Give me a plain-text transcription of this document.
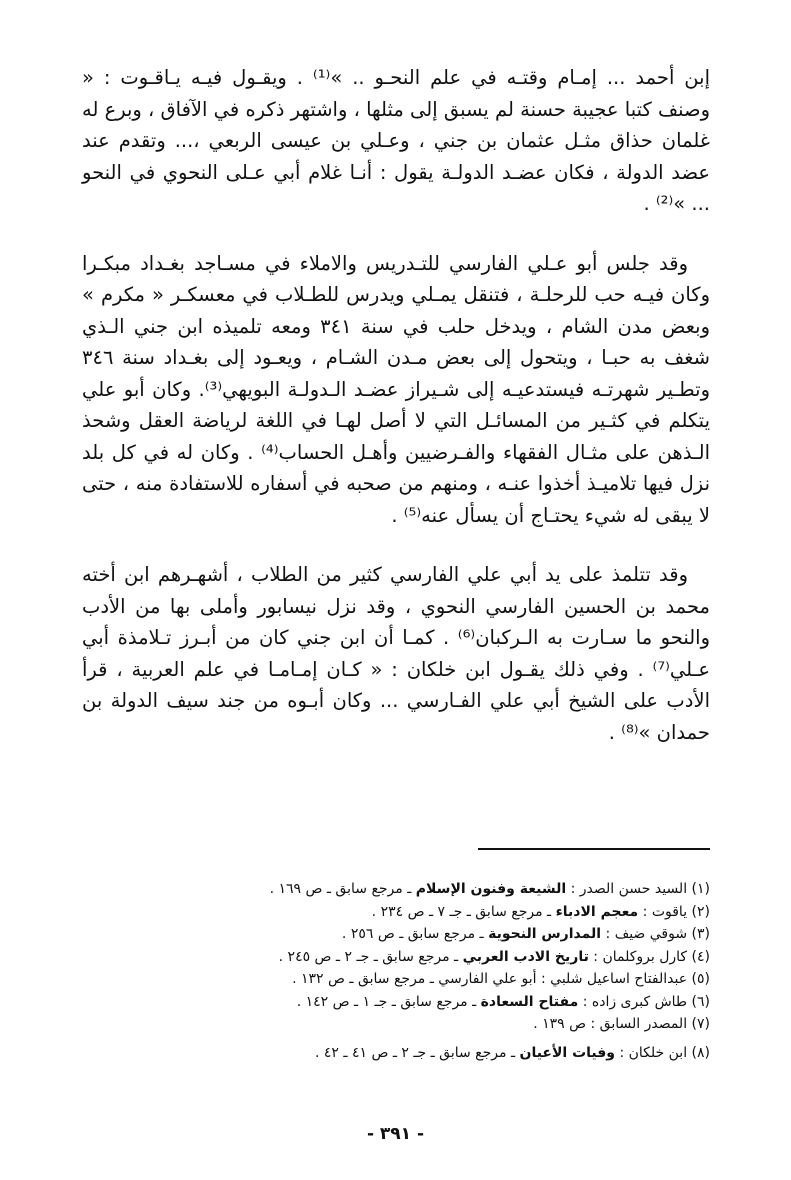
إبن أحمد ... إمـام وقتـه في علم النحـو .. »⁽¹⁾ . ويقـول فيـه يـاقـوت : « وصنف كتبا عجيبة حسنة لم يسبق إلى مثلها ، واشتهر ذكره في الآفاق ، وبرع له غلمان حذاق مثـل عثمان بن جني ، وعـلي بن عيسى الربعي ،... وتقدم عند عضد الدولة ، فكان عضـد الدولـة يقول : أنـا غلام أبي عـلى النحوي في النحو ... »⁽²⁾ .

وقد جلس أبو عـلي الفارسي للتـدريس والاملاء في مسـاجد بغـداد مبكـرا وكان فيـه حب للرحلـة ، فتنقل يمـلي ويدرس للطـلاب في معسكـر « مكرم » وبعض مدن الشام ، ويدخل حلب في سنة ٣٤١ ومعه تلميذه ابن جني الـذي شغف به حبـا ، ويتحول إلى بعض مـدن الشـام ، ويعـود إلى بغـداد سنة ٣٤٦ وتطـير شهرتـه فيستدعيـه إلى شـيراز عضـد الـدولـة البويهي⁽³⁾. وكان أبو علي يتكلم في كثـير من المسائـل التي لا أصل لهـا في اللغة لرياضة العقل وشحذ الـذهن على مثـال الفقهاء والفـرضيين وأهـل الحساب⁽⁴⁾ . وكان له في كل بلد نزل فيها تلاميـذ أخذوا عنـه ، ومنهم من صحبه في أسفاره للاستفادة منه ، حتى لا يبقى له شيء يحتـاج أن يسأل عنه⁽⁵⁾ .

وقد تتلمذ على يد أبي علي الفارسي كثير من الطلاب ، أشهـرهم ابن أخته محمد بن الحسين الفارسي النحوي ، وقد نزل نيسابور وأملى بها من الأدب والنحو ما سـارت به الـركبان⁽⁶⁾ . كمـا أن ابن جني كان من أبـرز تـلامذة أبي عـلي⁽⁷⁾ . وفي ذلك يقـول ابن خلكان : « كـان إمـامـا في علم العربية ، قرأ الأدب على الشيخ أبي علي الفـارسي ... وكان أبـوه من جند سيف الدولة بن حمدان »⁽⁸⁾ .

(١) السيد حسن الصدر : الشيعة وفنون الإسلام ـ مرجع سابق ـ ص ١٦٩ .
(٢) ياقوت : معجم الادباء ـ مرجع سابق ـ جـ ٧ ـ ص ٢٣٤ .
(٣) شوقي ضيف : المدارس النحوية ـ مرجع سابق ـ ص ٢٥٦ .
(٤) كارل بروكلمان : تاريخ الادب العربي ـ مرجع سابق ـ جـ ٢ ـ ص ٢٤٥ .
(٥) عبدالفتاح اساعيل شلبي : أبو علي الفارسي ـ مرجع سابق ـ ص ١٣٢ .
(٦) طاش كبرى زاده : مفتاح السعادة ـ مرجع سابق ـ جـ ١ ـ ص ١٤٢ .
(٧) المصدر السابق : ص ١٣٩ .
(٨) ابن خلكان : وفيات الأعيان ـ مرجع سابق ـ جـ ٢ ـ ص ٤١ ـ ٤٢ .
- ٣٩١ -
